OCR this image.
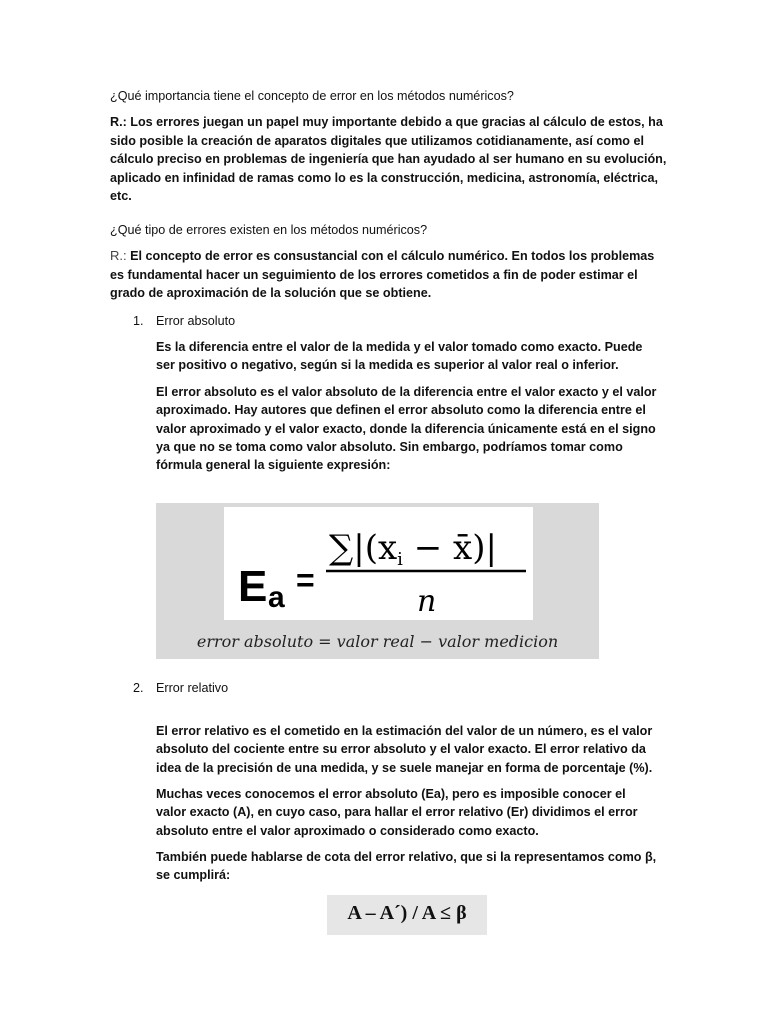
¿Qué importancia tiene el concepto de error en los métodos numéricos?
R.: Los errores juegan un papel muy importante debido a que gracias al cálculo de estos, ha sido posible la creación de aparatos digitales que utilizamos cotidianamente, así como el cálculo preciso en problemas de ingeniería que han ayudado al ser humano en su evolución, aplicado en infinidad de ramas como lo es la construcción, medicina, astronomía, eléctrica, etc.
¿Qué tipo de errores existen en los métodos numéricos?
R.: El concepto de error es consustancial con el cálculo numérico. En todos los problemas es fundamental hacer un seguimiento de los errores cometidos a fin de poder estimar el grado de aproximación de la solución que se obtiene.
1. Error absoluto
Es la diferencia entre el valor de la medida y el valor tomado como exacto. Puede ser positivo o negativo, según si la medida es superior al valor real o inferior.
El error absoluto es el valor absoluto de la diferencia entre el valor exacto y el valor aproximado. Hay autores que definen el error absoluto como la diferencia entre el valor aproximado y el valor exacto, donde la diferencia únicamente está en el signo ya que no se toma como valor absoluto. Sin embargo, podríamos tomar como fórmula general la siguiente expresión:
E a =
∑|(xi − x̄)|
n
error absoluto = valor real − valor medicion
2. Error relativo
El error relativo es el cometido en la estimación del valor de un número, es el valor absoluto del cociente entre su error absoluto y el valor exacto. El error relativo da idea de la precisión de una medida, y se suele manejar en forma de porcentaje (%).
Muchas veces conocemos el error absoluto (Ea), pero es imposible conocer el valor exacto (A), en cuyo caso, para hallar el error relativo (Er) dividimos el error absoluto entre el valor aproximado o considerado como exacto.
También puede hablarse de cota del error relativo, que si la representamos como β, se cumplirá:
A – A´) / A ≤ β
